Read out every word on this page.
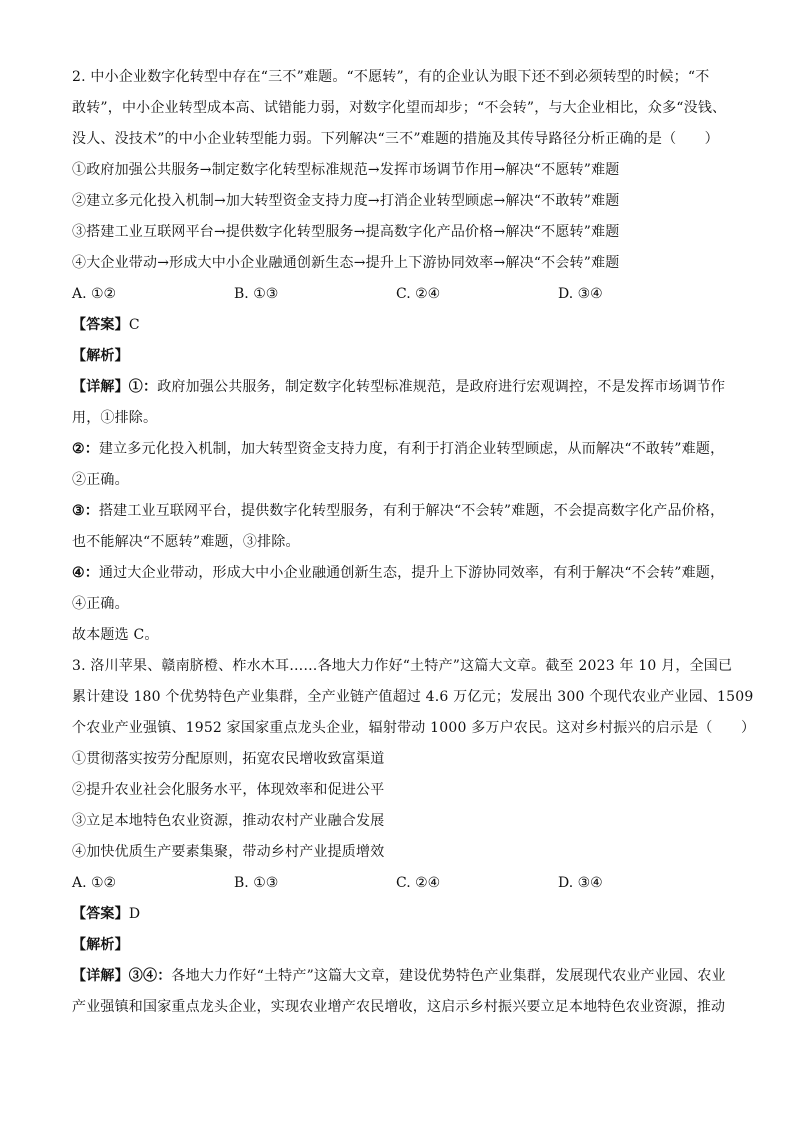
2. 中小企业数字化转型中存在“三不”难题。“不愿转”，有的企业认为眼下还不到必须转型的时候；“不
敢转”，中小企业转型成本高、试错能力弱，对数字化望而却步；“不会转”，与大企业相比，众多“没钱、
没人、没技术”的中小企业转型能力弱。下列解决“三不”难题的措施及其传导路径分析正确的是（　　）
①政府加强公共服务→制定数字化转型标准规范→发挥市场调节作用→解决“不愿转”难题
②建立多元化投入机制→加大转型资金支持力度→打消企业转型顾虑→解决“不敢转”难题
③搭建工业互联网平台→提供数字化转型服务→提高数字化产品价格→解决“不愿转”难题
④大企业带动→形成大中小企业融通创新生态→提升上下游协同效率→解决“不会转”难题
A. ①②	B. ①③	C. ②④	D. ③④
【答案】C
【解析】
【详解】①：政府加强公共服务，制定数字化转型标准规范，是政府进行宏观调控，不是发挥市场调节作
用，①排除。
②：建立多元化投入机制，加大转型资金支持力度，有利于打消企业转型顾虑，从而解决“不敢转”难题，
②正确。
③：搭建工业互联网平台，提供数字化转型服务，有利于解决“不会转”难题，不会提高数字化产品价格，
也不能解决“不愿转”难题，③排除。
④：通过大企业带动，形成大中小企业融通创新生态，提升上下游协同效率，有利于解决“不会转”难题，
④正确。
故本题选 C。
3. 洛川苹果、赣南脐橙、柞水木耳……各地大力作好“土特产”这篇大文章。截至 2023 年 10 月，全国已
累计建设 180 个优势特色产业集群，全产业链产值超过 4.6 万亿元；发展出 300 个现代农业产业园、1509
个农业产业强镇、1952 家国家重点龙头企业，辐射带动 1000 多万户农民。这对乡村振兴的启示是（　　）
①贯彻落实按劳分配原则，拓宽农民增收致富渠道
②提升农业社会化服务水平，体现效率和促进公平
③立足本地特色农业资源，推动农村产业融合发展
④加快优质生产要素集聚，带动乡村产业提质增效
A. ①②	B. ①③	C. ②④	D. ③④
【答案】D
【解析】
【详解】③④：各地大力作好“土特产”这篇大文章，建设优势特色产业集群，发展现代农业产业园、农业
产业强镇和国家重点龙头企业，实现农业增产农民增收，这启示乡村振兴要立足本地特色农业资源，推动
